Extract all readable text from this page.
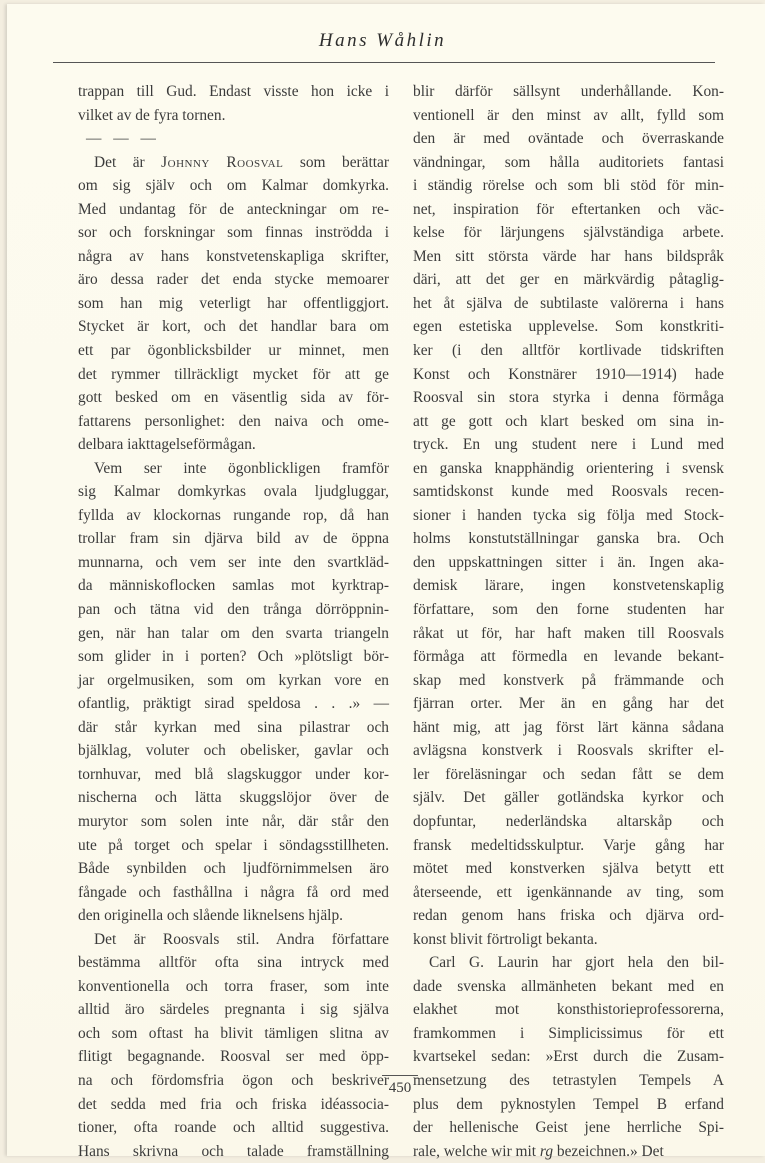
Hans Wåhlin
trappan till Gud. Endast visste hon icke i
vilket av de fyra tornen.
— — —
Det är Johnny Roosval som berättar
om sig själv och om Kalmar domkyrka.
Med undantag för de anteckningar om re-
sor och forskningar som finnas inströdda i
några av hans konstvetenskapliga skrifter,
äro dessa rader det enda stycke memoarer
som han mig veterligt har offentliggjort.
Stycket är kort, och det handlar bara om
ett par ögonblicksbilder ur minnet, men
det rymmer tillräckligt mycket för att ge
gott besked om en väsentlig sida av för-
fattarens personlighet: den naiva och ome-
delbara iakttagelseförmågan.
Vem ser inte ögonblickligen framför
sig Kalmar domkyrkas ovala ljudgluggar,
fyllda av klockornas rungande rop, då han
trollar fram sin djärva bild av de öppna
munnarna, och vem ser inte den svartkläd-
da människoflocken samlas mot kyrktrap-
pan och tätna vid den trånga dörröppnin-
gen, när han talar om den svarta triangeln
som glider in i porten? Och »plötsligt bör-
jar orgelmusiken, som om kyrkan vore en
ofantlig, präktigt sirad speldosa . . .» —
där står kyrkan med sina pilastrar och
bjälklag, voluter och obelisker, gavlar och
tornhuvar, med blå slagskuggor under kor-
nischerna och lätta skuggslöjor över de
murytor som solen inte når, där står den
ute på torget och spelar i söndagsstillheten.
Både synbilden och ljudförnimmelsen äro
fångade och fasthållna i några få ord med
den originella och slående liknelsens hjälp.
Det är Roosvals stil. Andra författare
bestämma alltför ofta sina intryck med
konventionella och torra fraser, som inte
alltid äro särdeles pregnanta i sig själva
och som oftast ha blivit tämligen slitna av
flitigt begagnande. Roosval ser med öpp-
na och fördomsfria ögon och beskriver
det sedda med fria och friska idéassocia-
tioner, ofta roande och alltid suggestiva.
Hans skrivna och talade framställning
blir därför sällsynt underhållande. Kon-
ventionell är den minst av allt, fylld som
den är med oväntade och överraskande
vändningar, som hålla auditoriets fantasi
i ständig rörelse och som bli stöd för min-
net, inspiration för eftertanken och väc-
kelse för lärjungens självständiga arbete.
Men sitt största värde har hans bildspråk
däri, att det ger en märkvärdig påtaglig-
het åt själva de subtilaste valörerna i hans
egen estetiska upplevelse. Som konstkriti-
ker (i den alltför kortlivade tidskriften
Konst och Konstnärer 1910—1914) hade
Roosval sin stora styrka i denna förmåga
att ge gott och klart besked om sina in-
tryck. En ung student nere i Lund med
en ganska knapphändig orientering i svensk
samtidskonst kunde med Roosvals recen-
sioner i handen tycka sig följa med Stock-
holms konstutställningar ganska bra. Och
den uppskattningen sitter i än. Ingen aka-
demisk lärare, ingen konstvetenskaplig
författare, som den forne studenten har
råkat ut för, har haft maken till Roosvals
förmåga att förmedla en levande bekant-
skap med konstverk på främmande och
fjärran orter. Mer än en gång har det
hänt mig, att jag först lärt känna sådana
avlägsna konstverk i Roosvals skrifter el-
ler föreläsningar och sedan fått se dem
själv. Det gäller gotländska kyrkor och
dopfuntar, nederländska altarskåp och
fransk medeltidsskulptur. Varje gång har
mötet med konstverken själva betytt ett
återseende, ett igenkännande av ting, som
redan genom hans friska och djärva ord-
konst blivit förtroligt bekanta.
Carl G. Laurin har gjort hela den bil-
dade svenska allmänheten bekant med en
elakhet mot konsthistorieprofessorerna,
framkommen i Simplicissimus för ett
kvartsekel sedan: »Erst durch die Zusam-
mensetzung des tetrastylen Tempels A
plus dem pyknostylen Tempel B erfand
der hellenische Geist jene herrliche Spi-
rale, welche wir mit rg bezeichnen.» Det
450
